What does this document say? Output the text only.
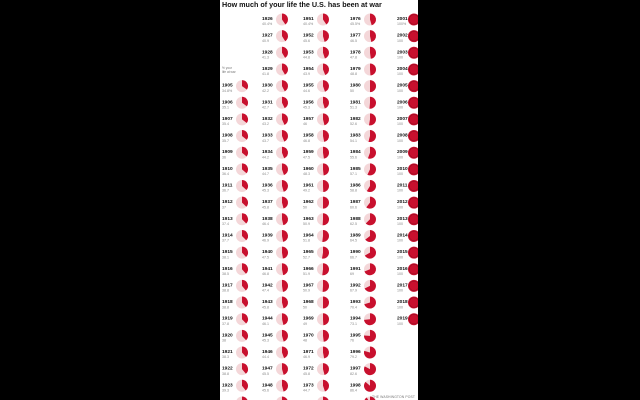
How much of your life the U.S. has been at war
% your
life at war
1905
34.8%
1906
35.1
1907
35.4
1908
35.7
1909
36
1910
36.4
1911
36.7
1912
37
1913
37.4
1914
37.7
1915
38.1
1916
38.5
1917
38.8
1918
38.8
1919
37.8
1920
38
1921
38.3
1922
38.8
1923
39.3
1926
40.4%
1927
40.9
1928
41.3
1929
41.8
1930
42.2
1931
42.7
1932
43.2
1933
43.7
1934
44.2
1935
44.7
1936
45.3
1937
45.8
1938
46.4
1939
46.9
1940
47.5
1941
46.8
1942
47.4
1943
45.8
1944
46.1
1945
45.3
1946
44.4
1947
45.5
1948
45.6
1951
40.4%
1952
45.6
1953
44.8
1954
43.9
1955
44.6
1956
45.3
1957
46
1958
46.8
1959
47.5
1960
48.3
1961
49.2
1962
50
1963
50.9
1964
51.8
1965
52.7
1966
51.9
1967
50.9
1968
50
1969
49
1970
48
1971
46.9
1972
45.8
1973
44.7
1976
45.5%
1977
46.5
1978
47.8
1979
48.8
1980
50
1981
51.3
1982
52.6
1983
54.1
1984
55.6
1985
57.1
1986
58.8
1987
60.6
1988
62.5
1989
64.5
1990
66.7
1991
69
1992
67.9
1993
70.4
1994
73.1
1995
76
1996
79.2
1997
82.6
1998
86.4
2001
100%
2002
100
2003
100
2004
100
2005
100
2006
100
2007
100
2008
100
2009
100
2010
100
2011
100
2012
100
2013
100
2014
100
2015
100
2016
100
2017
100
2018
100
2019
100
THE WASHINGTON POST
